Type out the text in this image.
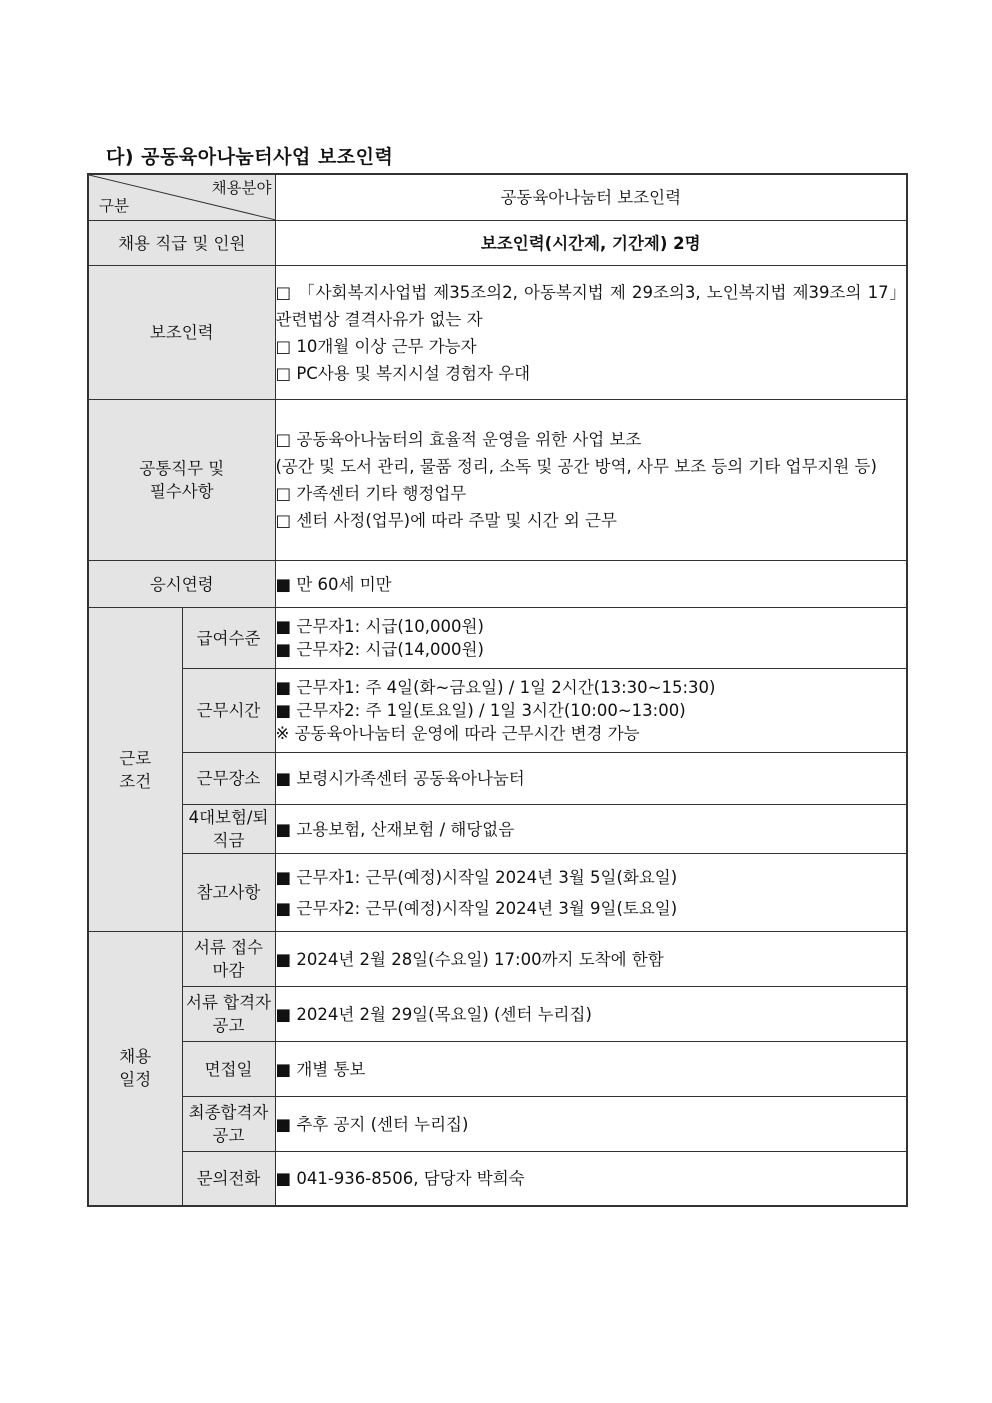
다) 공동육아나눔터사업 보조인력
채용분야
구분		공동육아나눔터 보조인력
채용 직급 및 인원		보조인력(시간제, 기간제) 2명
보조인력		□ 「사회복지사업법 제35조의2, 아동복지법 제 29조의3, 노인복지법 제39조의 17」 관련법상 결격사유가 없는 자
□ 10개월 이상 근무 가능자
□ PC사용 및 복지시설 경험자 우대

공통직무 및
필수사항		□ 공동육아나눔터의 효율적 운영을 위한 사업 보조
(공간 및 도서 관리, 물품 정리, 소독 및 공간 방역, 사무 보조 등의 기타 업무지원 등)
□ 가족센터 기타 행정업무
□ 센터 사정(업무)에 따라 주말 및 시간 외 근무

응시연령		■ 만 60세 미만

근로
조건	급여수준	■ 근무자1: 시급(10,000원)
■ 근무자2: 시급(14,000원)

	근무시간	■ 근무자1: 주 4일(화~금요일) / 1일 2시간(13:30~15:30)
■ 근무자2: 주 1일(토요일) / 1일 3시간(10:00~13:00)
※ 공동육아나눔터 운영에 따라 근무시간 변경 가능

	근무장소	■ 보령시가족센터 공동육아나눔터

	4대보험/퇴
직금	■ 고용보험, 산재보험 / 해당없음
	참고사항	■ 근무자1: 근무(예정)시작일 2024년 3월 5일(화요일)
■ 근무자2: 근무(예정)시작일 2024년 3월 9일(토요일)

채용
일정	서류 접수
마감	■ 2024년 2월 28일(수요일) 17:00까지 도착에 한함

	서류 합격자
공고	■ 2024년 2월 29일(목요일) (센터 누리집)
	면접일	■ 개별 통보

	최종합격자
공고	■ 추후 공지 (센터 누리집)
	문의전화	■ 041-936-8506, 담당자 박희숙
